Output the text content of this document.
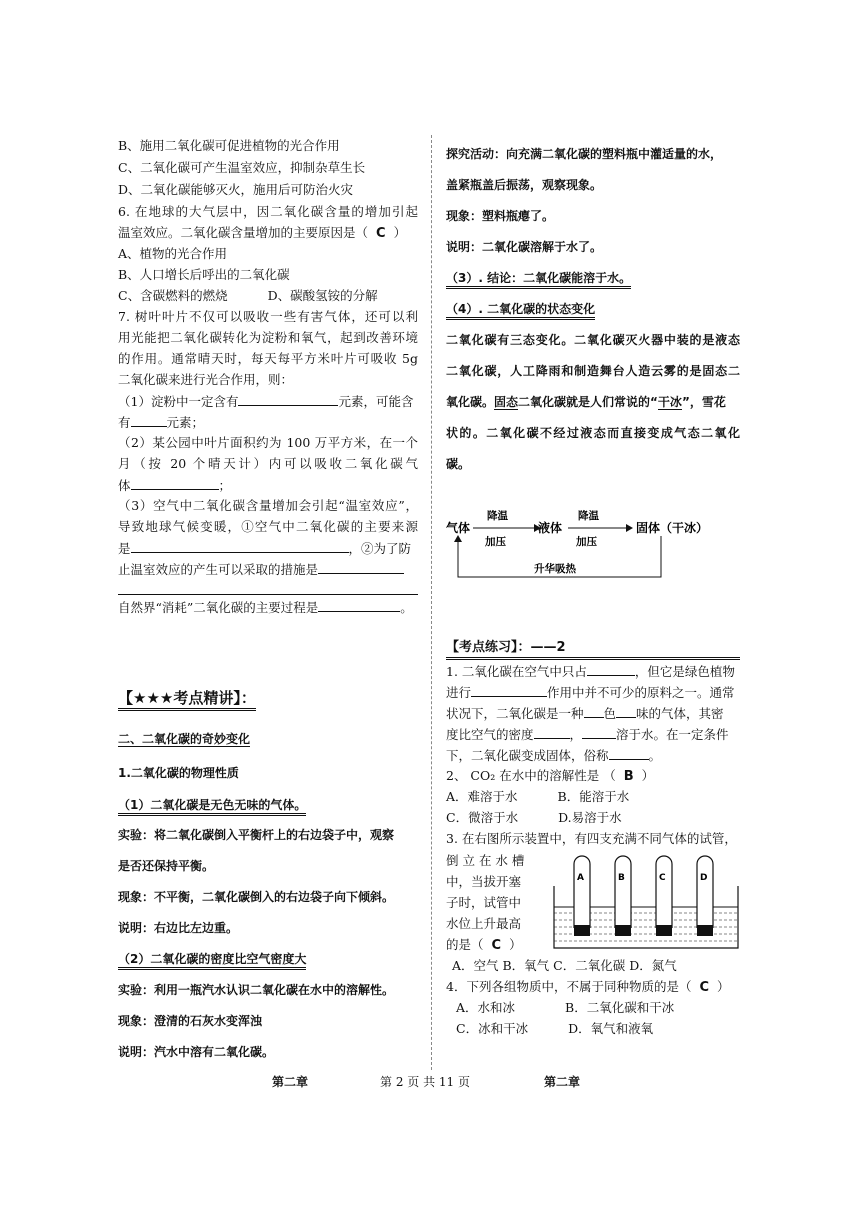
B、施用二氧化碳可促进植物的光合作用
C、二氧化碳可产生温室效应，抑制杂草生长
D、二氧化碳能够灭火，施用后可防治火灾
6. 在地球的大气层中，因二氧化碳含量的增加引起
温室效应。二氧化碳含量增加的主要原因是（ C ）
A、植物的光合作用
B、人口增长后呼出的二氧化碳
C、含碳燃料的燃烧	D、碳酸氢铵的分解
7. 树叶叶片不仅可以吸收一些有害气体，还可以利
用光能把二氧化碳转化为淀粉和氧气，起到改善环境
的作用。通常晴天时，每天每平方米叶片可吸收 5g
二氧化碳来进行光合作用，则：
（1）淀粉中一定含有	元素，可能含
有	元素；
（2）某公园中叶片面积约为 100 万平方米，在一个
月（按 20 个晴天计）内可以吸收二氧化碳气
体	；
（3）空气中二氧化碳含量增加会引起“温室效应”，
导致地球气候变暖，①空气中二氧化碳的主要来源
是	，②为了防
止温室效应的产生可以采取的措施是
自然界“消耗”二氧化碳的主要过程是	。
【★★★考点精讲】：
二、二氧化碳的奇妙变化
1.二氧化碳的物理性质
（1）二氧化碳是无色无味的气体。
实验：将二氧化碳倒入平衡杆上的右边袋子中，观察
是否还保持平衡。
现象：不平衡，二氧化碳倒入的右边袋子向下倾斜。
说明：右边比左边重。
（2）二氧化碳的密度比空气密度大
实验：利用一瓶汽水认识二氧化碳在水中的溶解性。
现象：澄清的石灰水变浑浊
说明：汽水中溶有二氧化碳。
探究活动：向充满二氧化碳的塑料瓶中灌适量的水，
盖紧瓶盖后振荡，观察现象。
现象：塑料瓶瘪了。
说明：二氧化碳溶解于水了。
（3）. 结论：二氧化碳能溶于水。
（4）. 二氧化碳的状态变化
二氧化碳有三态变化。二氧化碳灭火器中装的是液态
二氧化碳，人工降雨和制造舞台人造云雾的是固态二
氧化碳。固态二氧化碳就是人们常说的“干冰”，雪花
状的。二氧化碳不经过液态而直接变成气态二氧化
碳。
气体
降温
加压
液体
降温
加压
固体（干冰）
升华吸热
【考点练习】：——2
1. 二氧化碳在空气中只占	，但它是绿色植物
进行	作用中并不可少的原料之一。通常
状况下，二氧化碳是一种 色 味的气体，其密
度比空气的密度	，	溶于水。在一定条件
下，二氧化碳变成固体，俗称	。
2、 CO₂ 在水中的溶解性是 （ B ）
A．难溶于水	B．能溶于水
C．微溶于水	D.易溶于水
3. 在右图所示装置中，有四支充满不同气体的试管，
倒 立 在 水 槽
中，当拔开塞
子时，试管中
水位上升最高
的是（ C ）
A	B	C	D
A．空气 B．氧气 C．二氧化碳 D．氮气
4．下列各组物质中，不属于同种物质的是（ C ）
A．水和冰	B．二氧化碳和干冰
C．冰和干冰	D．氧气和液氧
第二章	第 2 页 共 11 页	第二章
